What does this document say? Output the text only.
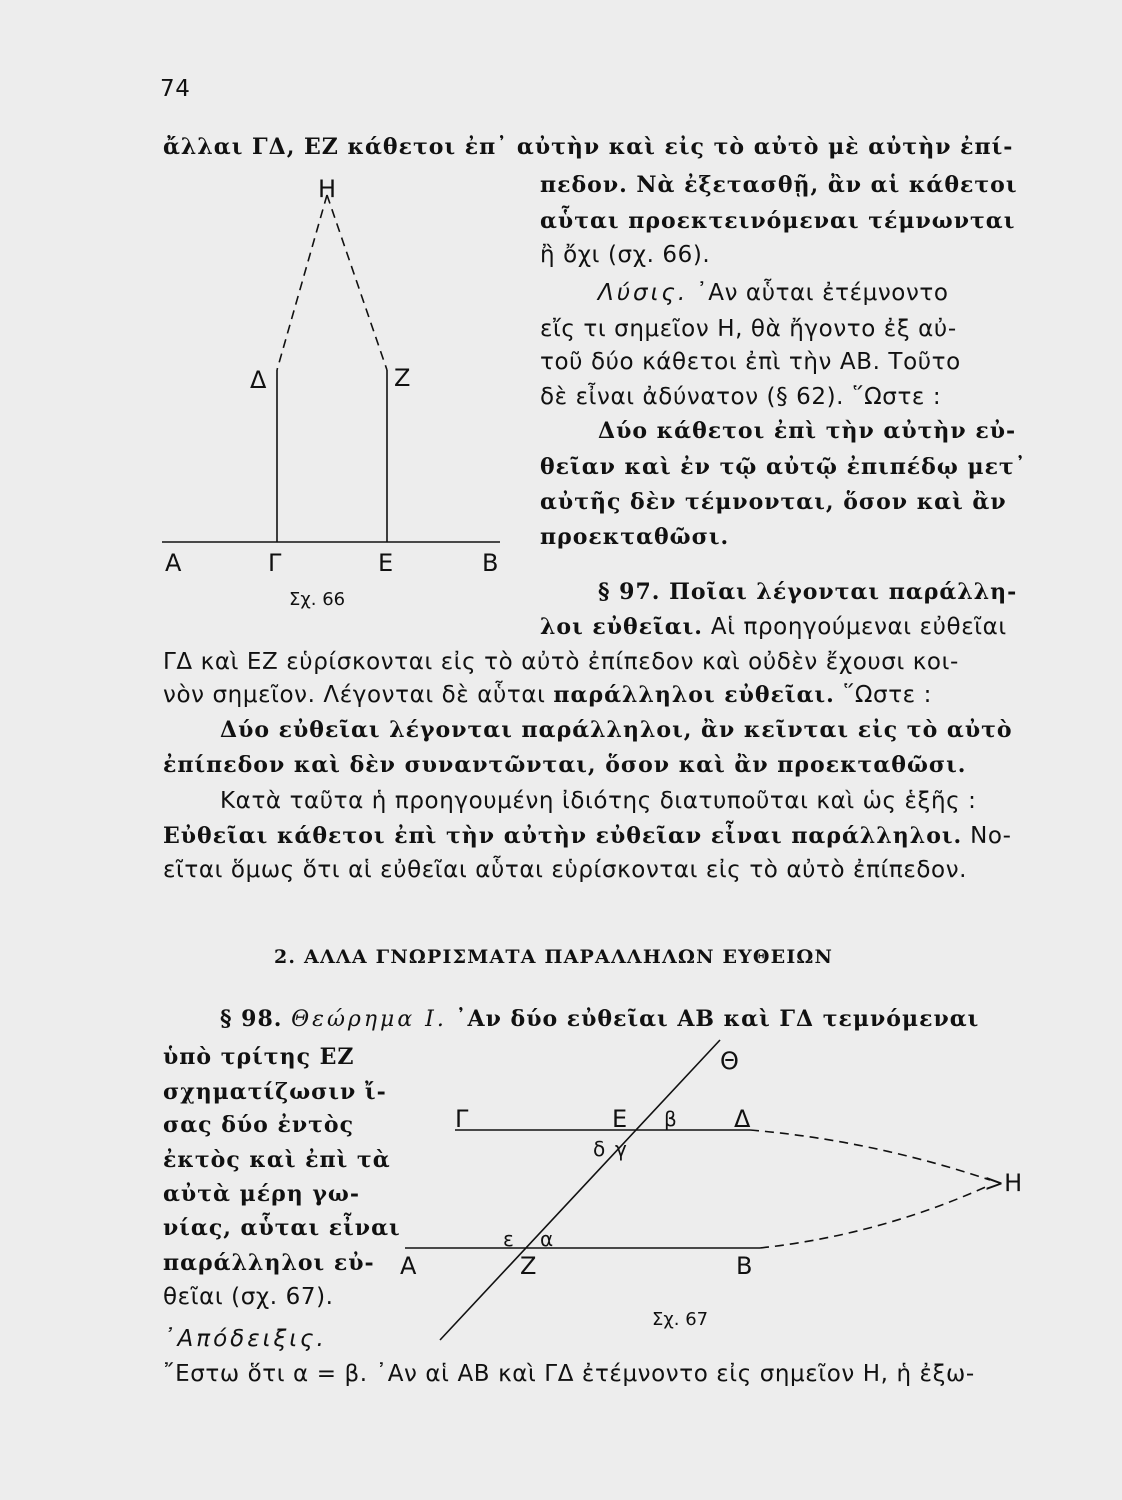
74
ἄλλαι ΓΔ, ΕΖ κάθετοι ἐπ᾿ αὐτὴν καὶ εἰς τὸ αὐτὸ μὲ αὐτὴν ἐπί-
πεδον. Νὰ ἐξετασθῇ, ἂν αἱ κάθετοι
αὗται προεκτεινόμεναι τέμνωνται
ἢ ὄχι (σχ. 66).
Λύσις. ᾿Αν αὗται ἐτέμνοντο
εἴς τι σημεῖον Η, θὰ ἤγοντο ἐξ αὐ-
τοῦ δύο κάθετοι ἐπὶ τὴν ΑΒ. Τοῦτο
δὲ εἶναι ἀδύνατον (§ 62). ῞Ωστε :
Δύο κάθετοι ἐπὶ τὴν αὐτὴν εὐ-
θεῖαν καὶ ἐν τῷ αὐτῷ ἐπιπέδῳ μετ᾿
αὐτῆς δὲν τέμνονται, ὅσον καὶ ἂν
προεκταθῶσι.
Η
Δ	Ζ
Α	Γ	Ε	Β
Σχ. 66	§ 97. Ποῖαι λέγονται παράλλη-
λοι εὐθεῖαι. Αἱ προηγούμεναι εὐθεῖαι
ΓΔ καὶ ΕΖ εὑρίσκονται εἰς τὸ αὐτὸ ἐπίπεδον καὶ οὐδὲν ἔχουσι κοι-
νὸν σημεῖον. Λέγονται δὲ αὗται παράλληλοι εὐθεῖαι. ῞Ωστε :
Δύο εὐθεῖαι λέγονται παράλληλοι, ἂν κεῖνται εἰς τὸ αὐτὸ
ἐπίπεδον καὶ δὲν συναντῶνται, ὅσον καὶ ἂν προεκταθῶσι.
Κατὰ ταῦτα ἡ προηγουμένη ἰδιότης διατυποῦται καὶ ὡς ἑξῆς :
Εὐθεῖαι κάθετοι ἐπὶ τὴν αὐτὴν εὐθεῖαν εἶναι παράλληλοι. Νο-
εῖται ὅμως ὅτι αἱ εὐθεῖαι αὗται εὑρίσκονται εἰς τὸ αὐτὸ ἐπίπεδον.
2. ΑΛΛΑ ΓΝΩΡΙΣΜΑΤΑ ΠΑΡΑΛΛΗΛΩΝ ΕΥΘΕΙΩΝ
§ 98. Θεώρημα Ι. ᾿Αν δύο εὐθεῖαι ΑΒ καὶ ΓΔ τεμνόμεναι
ὑπὸ τρίτης ΕΖ
σχηματίζωσιν ἴ-
σας δύο ἐντὸς
ἐκτὸς καὶ ἐπὶ τὰ
αὐτὰ μέρη γω-
νίας, αὗται εἶναι
παράλληλοι εὐ-
θεῖαι (σχ. 67).
᾿Απόδειξις.
῎Εστω ὅτι α = β. ᾿Αν αἱ ΑΒ καὶ ΓΔ ἐτέμνοντο εἰς σημεῖον Η, ἡ ἐξω-
Θ
Γ	Ε β Δ
δ γ
>Η
ε α
Α	Ζ	Β
Σχ. 67
